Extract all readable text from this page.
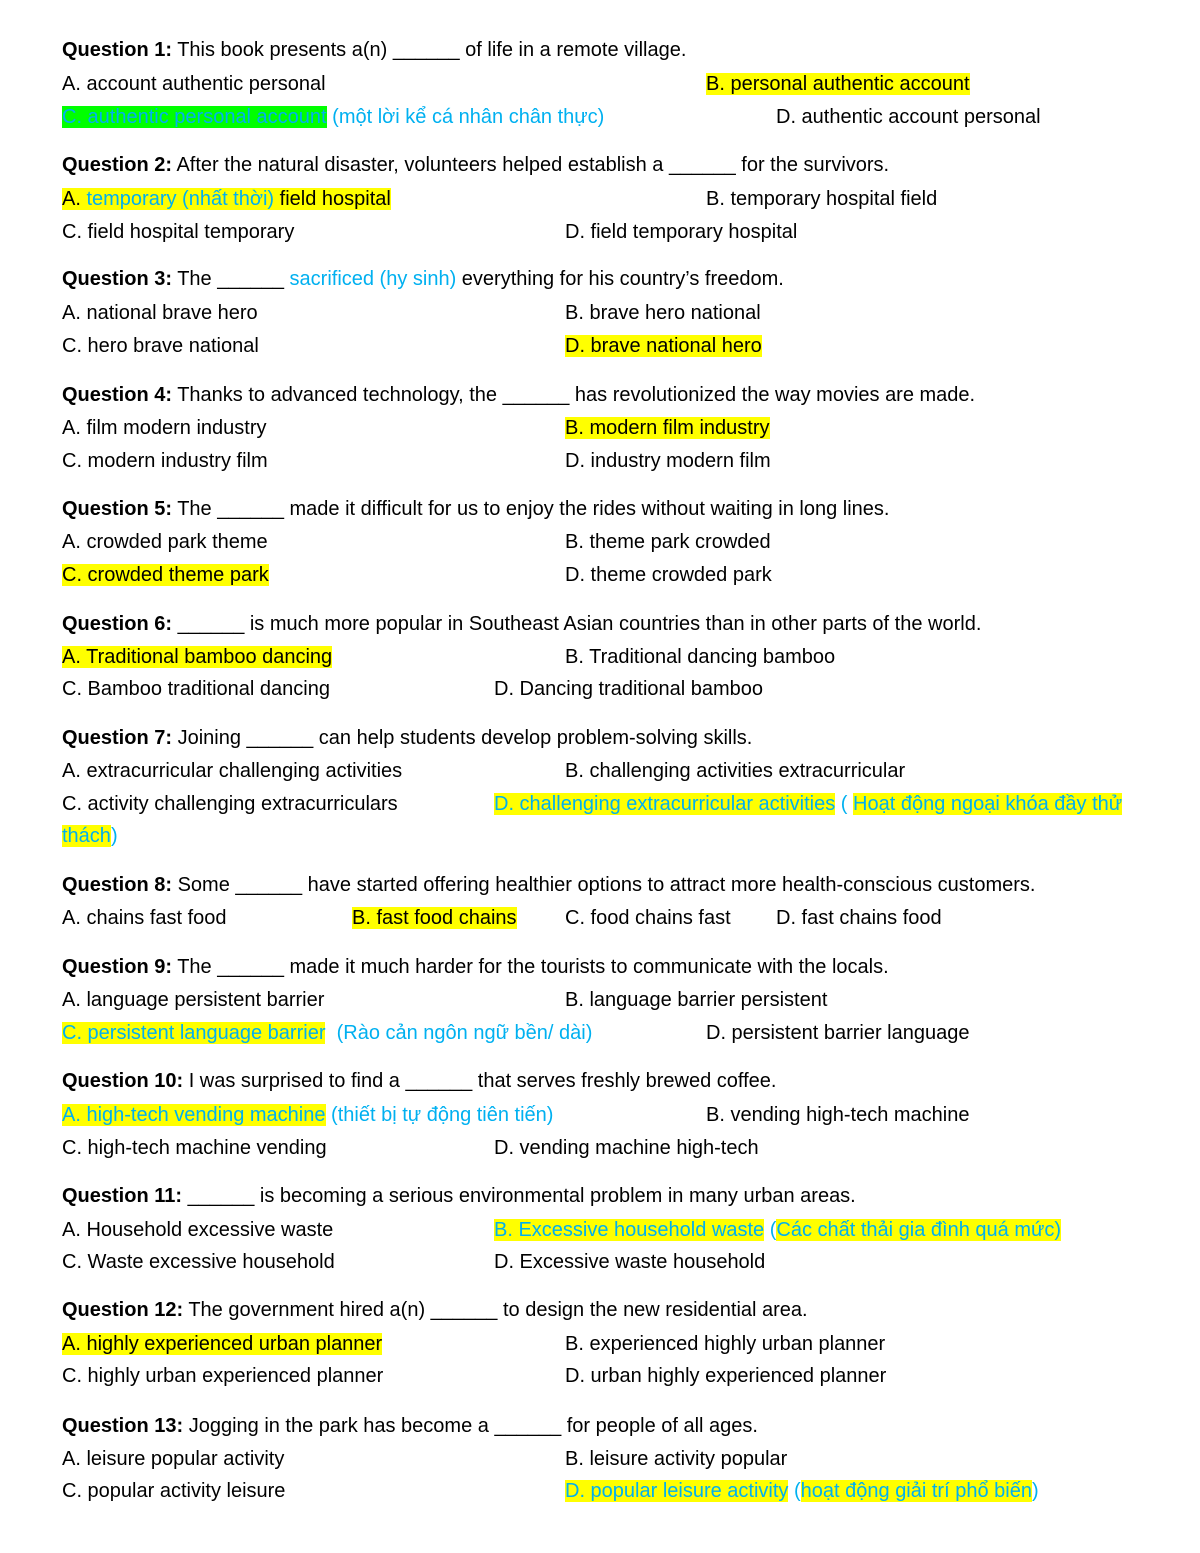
Question 1: This book presents a(n) ______ of life in a remote village.
A. account authentic personal	B. personal authentic account
C. authentic personal account (một lời kể cá nhân chân thực)	D. authentic account personal
Question 2: After the natural disaster, volunteers helped establish a ______ for the survivors.
A. temporary (nhất thời) field hospital	B. temporary hospital field
C. field hospital temporary	D. field temporary hospital
Question 3: The ______ sacrificed (hy sinh) everything for his country’s freedom.
A. national brave hero	B. brave hero national
C. hero brave national	D. brave national hero
Question 4: Thanks to advanced technology, the ______ has revolutionized the way movies are made.
A. film modern industry	B. modern film industry
C. modern industry film	D. industry modern film
Question 5: The ______ made it difficult for us to enjoy the rides without waiting in long lines.
A. crowded park theme	B. theme park crowded
C. crowded theme park	D. theme crowded park
Question 6: ______ is much more popular in Southeast Asian countries than in other parts of the world.
A. Traditional bamboo dancing	B. Traditional dancing bamboo
C. Bamboo traditional dancing	D. Dancing traditional bamboo
Question 7: Joining ______ can help students develop problem-solving skills.
A. extracurricular challenging activities	B. challenging activities extracurricular
C. activity challenging extracurriculars	D. challenging extracurricular activities ( Hoạt động ngoại khóa đầy thử
thách)
Question 8: Some ______ have started offering healthier options to attract more health-conscious customers.
A. chains fast food	B. fast food chains C. food chains fast D. fast chains food
Question 9: The ______ made it much harder for the tourists to communicate with the locals.
A. language persistent barrier	B. language barrier persistent
C. persistent language barrier  (Rào cản ngôn ngữ bền/ dài)	D. persistent barrier language
Question 10: I was surprised to find a ______ that serves freshly brewed coffee.
A. high-tech vending machine (thiết bị tự động tiên tiến)	B. vending high-tech machine
C. high-tech machine vending	D. vending machine high-tech
Question 11: ______ is becoming a serious environmental problem in many urban areas.
A. Household excessive waste	B. Excessive household waste (Các chất thải gia đình quá mức)
C. Waste excessive household	D. Excessive waste household
Question 12: The government hired a(n) ______ to design the new residential area.
A. highly experienced urban planner	B. experienced highly urban planner
C. highly urban experienced planner	D. urban highly experienced planner
Question 13: Jogging in the park has become a ______ for people of all ages.
A. leisure popular activity	B. leisure activity popular
C. popular activity leisure	D. popular leisure activity (hoạt động giải trí phổ biến)
